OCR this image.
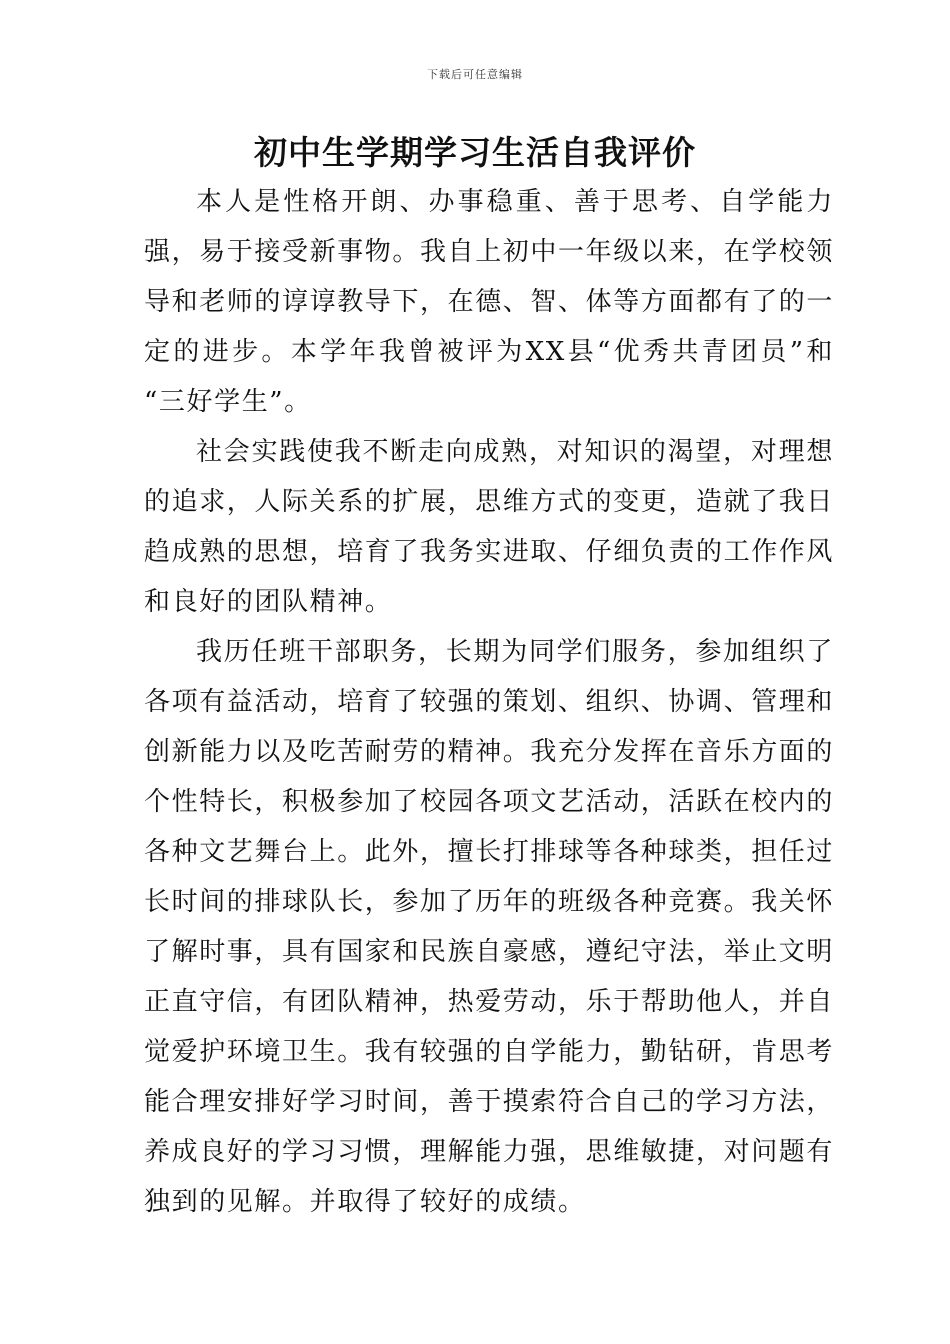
下载后可任意编辑
初中生学期学习生活自我评价

本人是性格开朗、办事稳重、善于思考、自学能力强，易于接受新事物。我自上初中一年级以来，在学校领导和老师的谆谆教导下，在德、智、体等方面都有了的一定的进步。本学年我曾被评为XX县“优秀共青团员”和 “三好学生”。

社会实践使我不断走向成熟，对知识的渴望，对理想的追求，人际关系的扩展，思维方式的变更，造就了我日趋成熟的思想，培育了我务实进取、仔细负责的工作作风和良好的团队精神。

我历任班干部职务，长期为同学们服务，参加组织了各项有益活动，培育了较强的策划、组织、协调、管理和创新能力以及吃苦耐劳的精神。我充分发挥在音乐方面的个性特长，积极参加了校园各项文艺活动，活跃在校内的各种文艺舞台上。此外，擅长打排球等各种球类，担任过长时间的排球队长，参加了历年的班级各种竞赛。我关怀了解时事，具有国家和民族自豪感，遵纪守法，举止文明正直守信，有团队精神，热爱劳动，乐于帮助他人，并自觉爱护环境卫生。我有较强的自学能力，勤钻研，肯思考能合理安排好学习时间，善于摸索符合自己的学习方法，养成良好的学习习惯，理解能力强，思维敏捷，对问题有独到的见解。并取得了较好的成绩。
